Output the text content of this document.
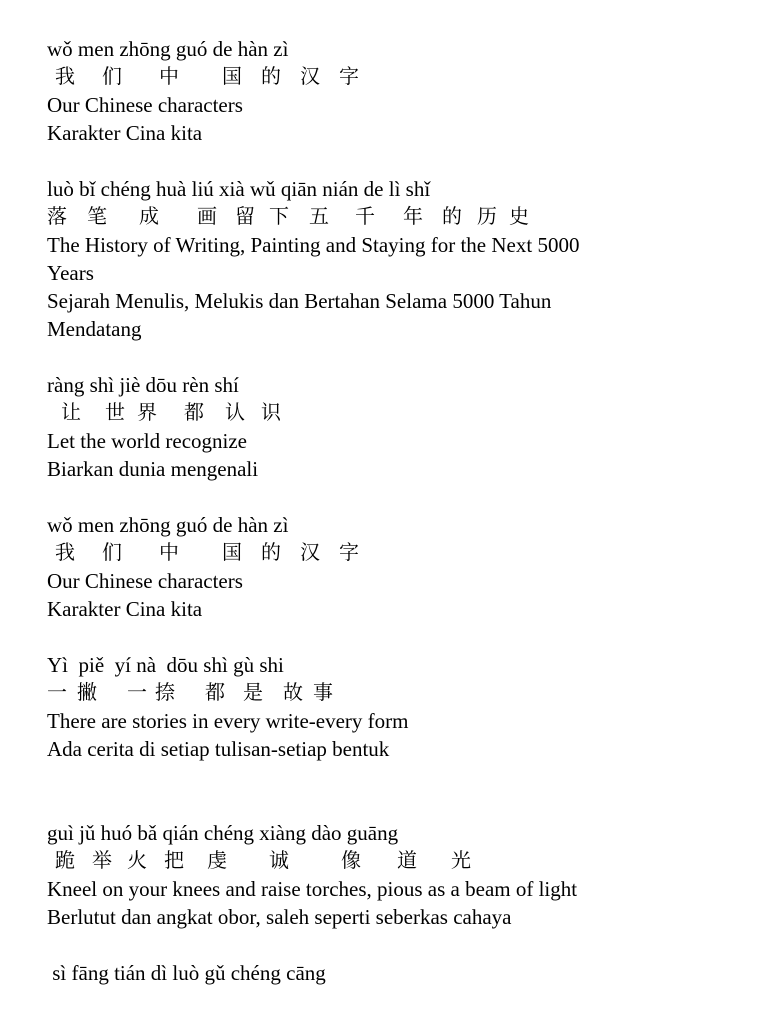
wǒ men zhōng guó de hàn zì
我 们 中 国 的 汉 字
Our Chinese characters
Karakter Cina kita
luò bǐ chéng huà liú xià wǔ qiān nián de lì shǐ
落 笔 成 画 留 下 五 千 年 的 历 史
The History of Writing, Painting and Staying for the Next 5000
Years
Sejarah Menulis, Melukis dan Bertahan Selama 5000 Tahun
Mendatang
ràng shì jiè dōu rèn shí
让 世 界 都 认 识
Let the world recognize
Biarkan dunia mengenali
wǒ men zhōng guó de hàn zì
我 们 中 国 的 汉 字
Our Chinese characters
Karakter Cina kita
Yì  piě  yí nà  dōu shì gù shi
一 撇 一 捺 都 是 故 事
There are stories in every write-every form
Ada cerita di setiap tulisan-setiap bentuk
guì jǔ huó bǎ qián chéng xiàng dào guāng
跪 举 火 把 虔 诚	像 道 光
Kneel on your knees and raise torches, pious as a beam of light
Berlutut dan angkat obor, saleh seperti seberkas cahaya
sì fāng tián dì luò gǔ chéng cāng
